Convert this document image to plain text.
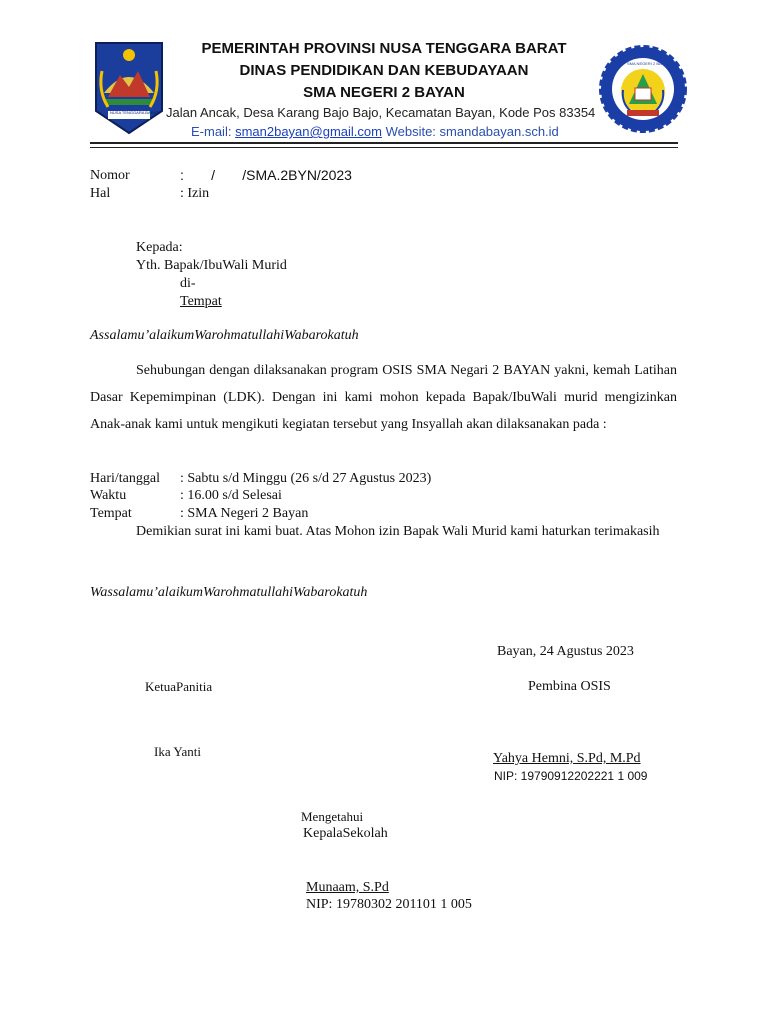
NUSA TENGGARA BARAT
SMA NEGERI 2 BAYAN
PEMERINTAH PROVINSI NUSA TENGGARA BARAT
DINAS PENDIDIKAN DAN KEBUDAYAAN
SMA NEGERI 2 BAYAN
Jalan Ancak, Desa Karang Bajo Bajo, Kecamatan Bayan, Kode Pos 83354
E-mail: sman2bayan@gmail.com Website: smandabayan.sch.id
Nomor	:       /       /SMA.2BYN/2023
Hal	: Izin
Kepada:
Yth. Bapak/IbuWali Murid
di-
Tempat
Assalamu’alaikumWarohmatullahiWabarokatuh
Sehubungan dengan dilaksanakan program OSIS SMA Negari 2 BAYAN yakni, kemah Latihan Dasar Kepemimpinan (LDK). Dengan ini kami mohon kepada Bapak/IbuWali murid mengizinkan Anak-anak kami untuk mengikuti kegiatan tersebut yang Insyallah akan dilaksanakan pada :
Hari/tanggal : Sabtu s/d Minggu (26 s/d 27 Agustus 2023)
Waktu	: 16.00 s/d Selesai
Tempat	: SMA Negeri 2 Bayan
Demikian surat ini kami buat. Atas Mohon izin Bapak Wali Murid kami haturkan terimakasih
Wassalamu’alaikumWarohmatullahiWabarokatuh
Bayan, 24 Agustus 2023
KetuaPanitia	Pembina OSIS
Ika Yanti	Yahya Hemni, S.Pd, M.Pd
NIP: 19790912202221 1 009
Mengetahui
KepalaSekolah
Munaam, S.Pd
NIP: 19780302 201101 1 005
